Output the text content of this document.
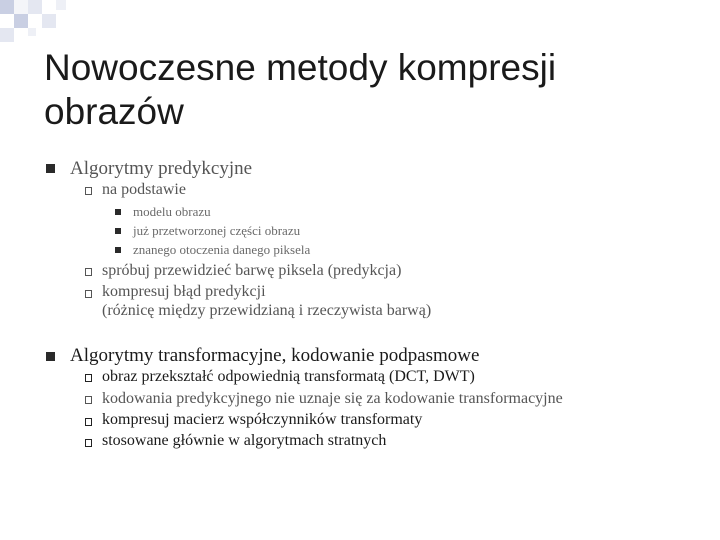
Nowoczesne metody kompresji
obrazów
Algorytmy predykcyjne
na podstawie
modelu obrazu
już przetworzonej części obrazu
znanego otoczenia danego piksela
spróbuj przewidzieć barwę piksela (predykcja)
kompresuj błąd predykcji
(różnicę między przewidzianą i rzeczywista barwą)
Algorytmy transformacyjne, kodowanie podpasmowe
obraz przekształć odpowiednią transformatą (DCT, DWT)
kodowania predykcyjnego nie uznaje się za kodowanie transformacyjne
kompresuj macierz współczynników transformaty
stosowane głównie w algorytmach stratnych
